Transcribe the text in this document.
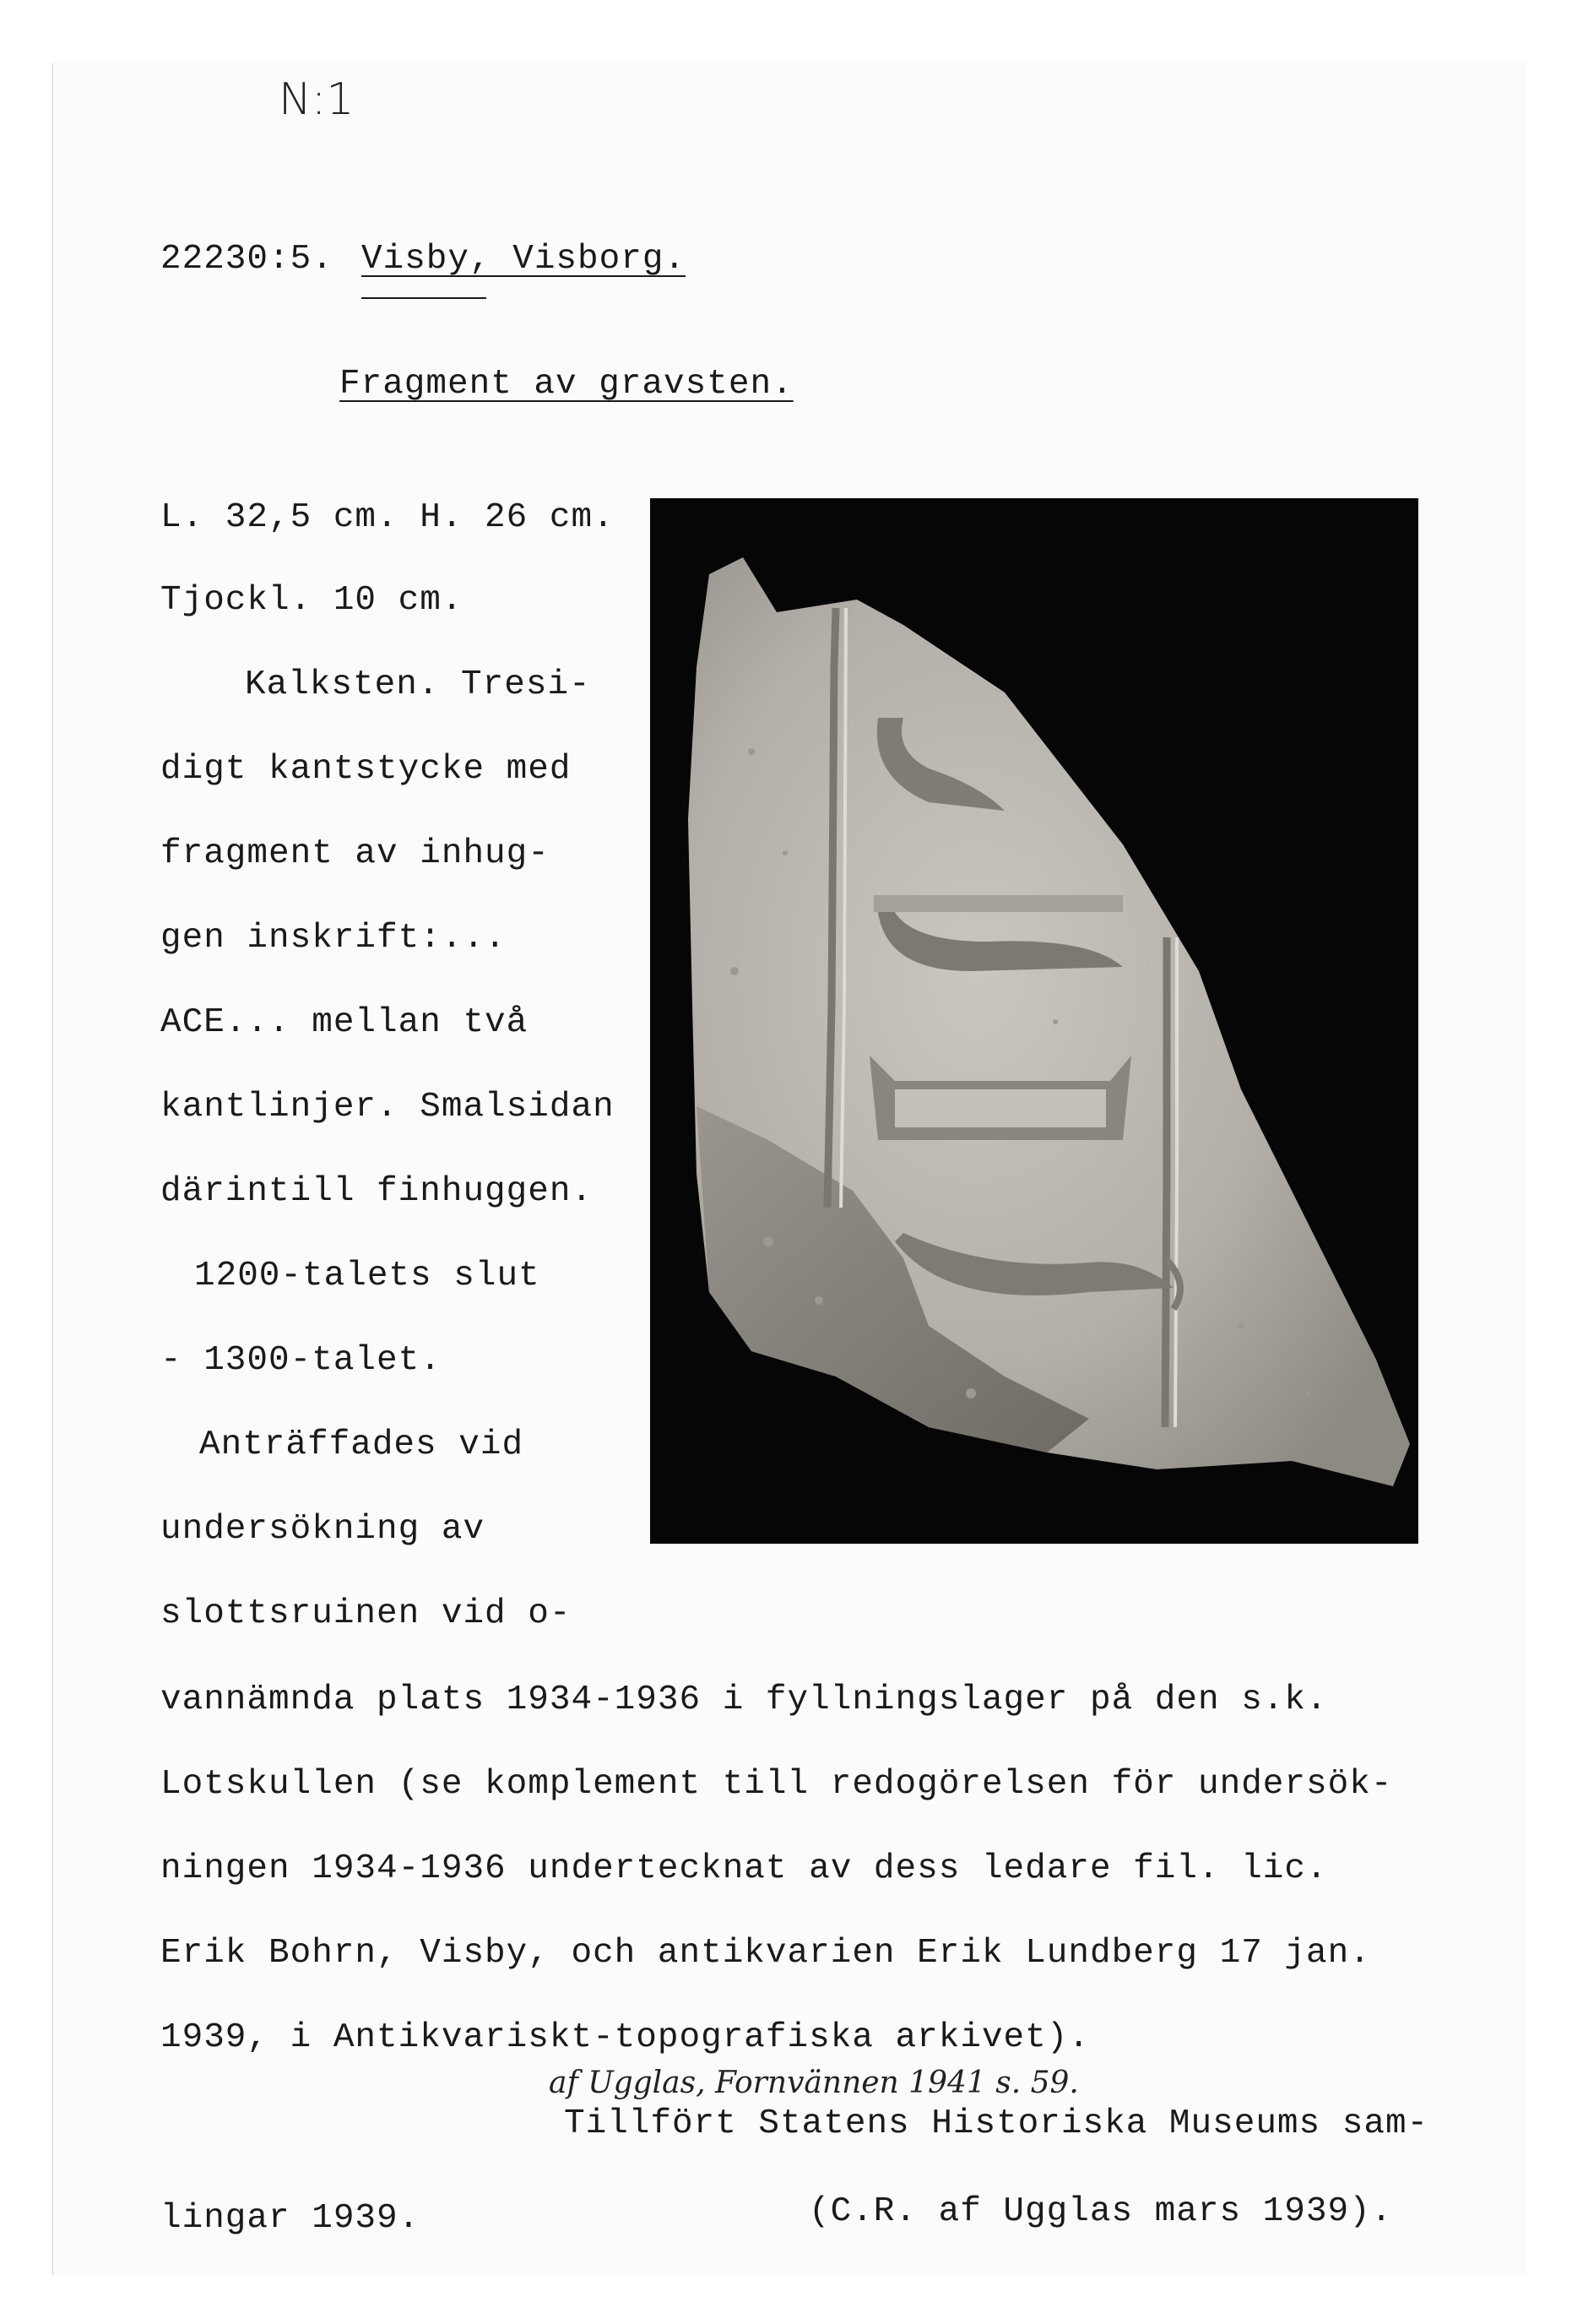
N:1
22230:5. Visby, Visborg.
Fragment av gravsten.
L. 32,5 cm. H. 26 cm.
Tjockl. 10 cm.
Kalksten. Tresi-
digt kantstycke med
fragment av inhug-
gen inskrift:...
ACE... mellan två
kantlinjer. Smalsidan
därintill finhuggen.
1200-talets slut
- 1300-talet.
Anträffades vid
undersökning av
slottsruinen vid o-
vannämnda plats 1934-1936 i fyllningslager på den s.k.
Lotskullen (se komplement till redogörelsen för undersök-
ningen 1934-1936 undertecknat av dess ledare fil. lic.
Erik Bohrn, Visby, och antikvarien Erik Lundberg 17 jan.
1939, i Antikvariskt-topografiska arkivet).
af Ugglas, Fornvännen 1941 s. 59.
Tillfört Statens Historiska Museums sam-
lingar 1939.	(C.R. af Ugglas mars 1939).
